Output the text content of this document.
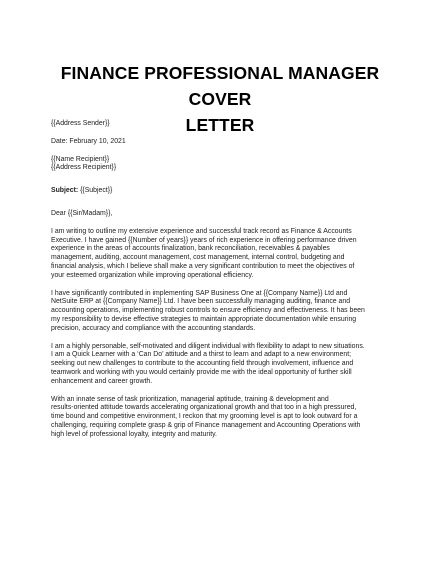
FINANCE PROFESSIONAL MANAGER COVER
LETTER

{{Address Sender}}

Date: February 10, 2021

{{Name Recipient}}

{{Address Recipient}}

Subject: {{Subject}}

Dear {{Sir/Madam}},

I am writing to outline my extensive experience and successful track record as Finance & Accounts
Executive. I have gained {{Number of years}} years of rich experience in offering performance driven
experience in the areas of accounts finalization, bank reconciliation, receivables & payables
management, auditing, account management, cost management, internal control, budgeting and
financial analysis, which I believe shall make a very significant contribution to meet the objectives of
your esteemed organization while improving operational efficiency.

I have significantly contributed in implementing SAP Business One at {{Company Name}} Ltd and
NetSuite ERP at {{Company Name}} Ltd. I have been successfully managing auditing, finance and
accounting operations, implementing robust controls to ensure efficiency and effectiveness. It has been
my responsibility to devise effective strategies to maintain appropriate documentation while ensuring
precision, accuracy and compliance with the accounting standards.

I am a highly personable, self-motivated and diligent individual with flexibility to adapt to new situations.
I am a Quick Learner with a ‘Can Do’ attitude and a thirst to learn and adapt to a new environment;
seeking out new challenges to contribute to the accounting field through involvement, influence and
teamwork and working with you would certainly provide me with the ideal opportunity of further skill
enhancement and career growth.

With an innate sense of task prioritization, managerial aptitude, training & development and
results-oriented attitude towards accelerating organizational growth and that too in a high pressured,
time bound and competitive environment, I reckon that my grooming level is apt to look outward for a
challenging, requiring complete grasp & grip of Finance management and Accounting Operations with
high level of professional loyalty, integrity and maturity.
